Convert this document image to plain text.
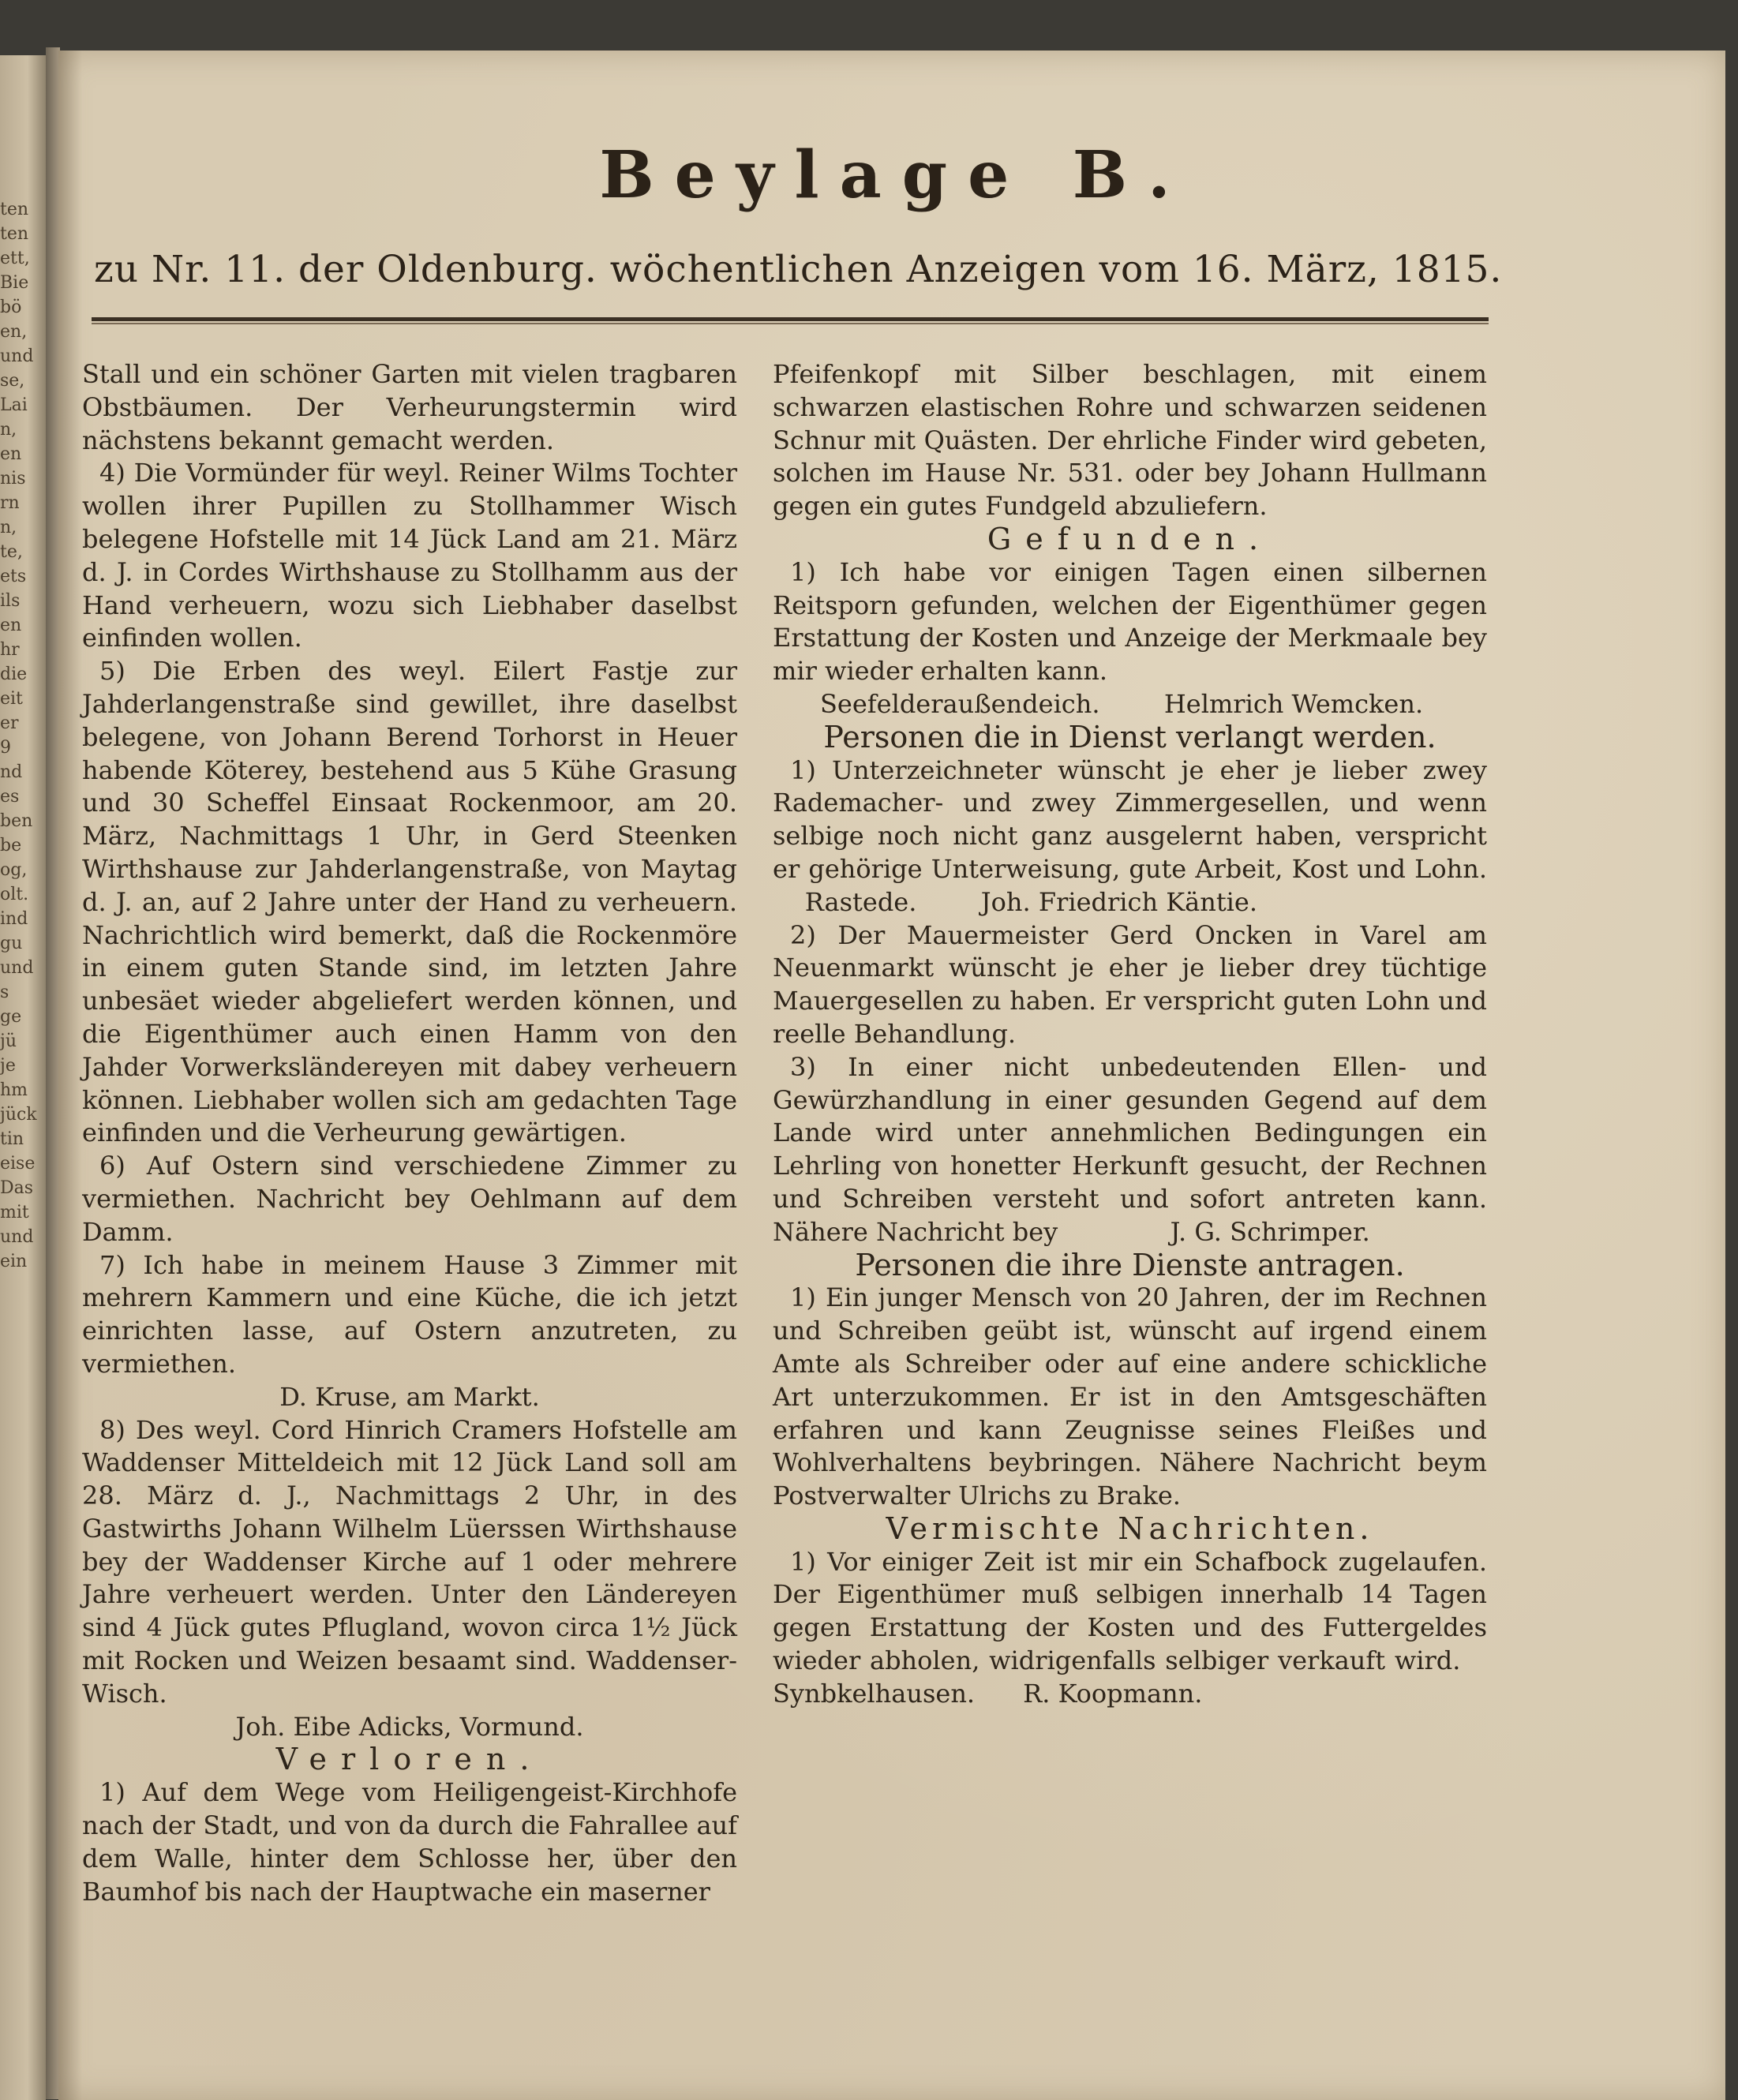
ten
ten
ett,
Bie
bö
en,
und
se,
Lai
n,
en
nis
rn
n,
te,
ets
ils
en
hr
die
eit
er
9
nd
es
ben
be
og,
olt.
ind
gu
und
s
ge
jü
je
hm
jück
tin
eise
Das
mit
und
ein
Beylage B.
zu Nr. 11. der Oldenburg. wöchentlichen Anzeigen vom 16. März, 1815.

Stall und ein schöner Garten mit vielen tragbaren Obstbäumen. Der Verheurungstermin wird nächstens bekannt gemacht werden.

4) Die Vormünder für weyl. Reiner Wilms Tochter wollen ihrer Pupillen zu Stollhammer Wisch belegene Hofstelle mit 14 Jück Land am 21. März d. J. in Cordes Wirthshause zu Stollhamm aus der Hand verheuern, wozu sich Liebhaber daselbst einfinden wollen.

5) Die Erben des weyl. Eilert Fastje zur Jahderlangenstraße sind gewillet, ihre daselbst belegene, von Johann Berend Torhorst in Heuer habende Köterey, bestehend aus 5 Kühe Grasung und 30 Scheffel Einsaat Rockenmoor, am 20. März, Nachmittags 1 Uhr, in Gerd Steenken Wirthshause zur Jahderlangenstraße, von Maytag d. J. an, auf 2 Jahre unter der Hand zu verheuern. Nachrichtlich wird bemerkt, daß die Rockenmöre in einem guten Stande sind, im letzten Jahre unbesäet wieder abgeliefert werden können, und die Eigenthümer auch einen Hamm von den Jahder Vorwerksländereyen mit dabey verheuern können. Liebhaber wollen sich am gedachten Tage einfinden und die Verheurung gewärtigen.

6) Auf Ostern sind verschiedene Zimmer zu vermiethen. Nachricht bey Oehlmann auf dem Damm.

7) Ich habe in meinem Hause 3 Zimmer mit mehrern Kammern und eine Küche, die ich jetzt einrichten lasse, auf Ostern anzutreten, zu vermiethen.

D. Kruse, am Markt.

8) Des weyl. Cord Hinrich Cramers Hofstelle am Waddenser Mitteldeich mit 12 Jück Land soll am 28. März d. J., Nachmittags 2 Uhr, in des Gastwirths Johann Wilhelm Lüerssen Wirthshause bey der Waddenser Kirche auf 1 oder mehrere Jahre verheuert werden. Unter den Ländereyen sind 4 Jück gutes Pflugland, wovon circa 1½ Jück mit Rocken und Weizen besaamt sind. Waddenser-Wisch.

Joh. Eibe Adicks, Vormund.

Verloren.

1) Auf dem Wege vom Heiligengeist-Kirchhofe nach der Stadt, und von da durch die Fahrallee auf dem Walle, hinter dem Schlosse her, über den Baumhof bis nach der Hauptwache ein maserner

Pfeifenkopf mit Silber beschlagen, mit einem schwarzen elastischen Rohre und schwarzen seidenen Schnur mit Quästen. Der ehrliche Finder wird gebeten, solchen im Hause Nr. 531. oder bey Johann Hullmann gegen ein gutes Fundgeld abzuliefern.

Gefunden.

1) Ich habe vor einigen Tagen einen silbernen Reitsporn gefunden, welchen der Eigenthümer gegen Erstattung der Kosten und Anzeige der Merkmaale bey mir wieder erhalten kann.

Seefelderaußendeich.	Helmrich Wemcken.

Personen die in Dienst verlangt werden.

1) Unterzeichneter wünscht je eher je lieber zwey Rademacher- und zwey Zimmergesellen, und wenn selbige noch nicht ganz ausgelernt haben, verspricht er gehörige Unterweisung, gute Arbeit, Kost und Lohn.     Rastede.	Joh. Friedrich Käntie.

2) Der Mauermeister Gerd Oncken in Varel am Neuenmarkt wünscht je eher je lieber drey tüchtige Mauergesellen zu haben. Er verspricht guten Lohn und reelle Behandlung.

3) In einer nicht unbedeutenden Ellen- und Gewürzhandlung in einer gesunden Gegend auf dem Lande wird unter annehmlichen Bedingungen ein Lehrling von honetter Herkunft gesucht, der Rechnen und Schreiben versteht und sofort antreten kann. Nähere Nachricht bey	J. G. Schrimper.

Personen die ihre Dienste antragen.

1) Ein junger Mensch von 20 Jahren, der im Rechnen und Schreiben geübt ist, wünscht auf irgend einem Amte als Schreiber oder auf eine andere schickliche Art unterzukommen. Er ist in den Amtsgeschäften erfahren und kann Zeugnisse seines Fleißes und Wohlverhaltens beybringen. Nähere Nachricht beym Postverwalter Ulrichs zu Brake.

Vermischte Nachrichten.

1) Vor einiger Zeit ist mir ein Schafbock zugelaufen. Der Eigenthümer muß selbigen innerhalb 14 Tagen gegen Erstattung der Kosten und des Futtergeldes wieder abholen, widrigenfalls selbiger verkauft wird.    Synbkelhausen. R. Koopmann.
